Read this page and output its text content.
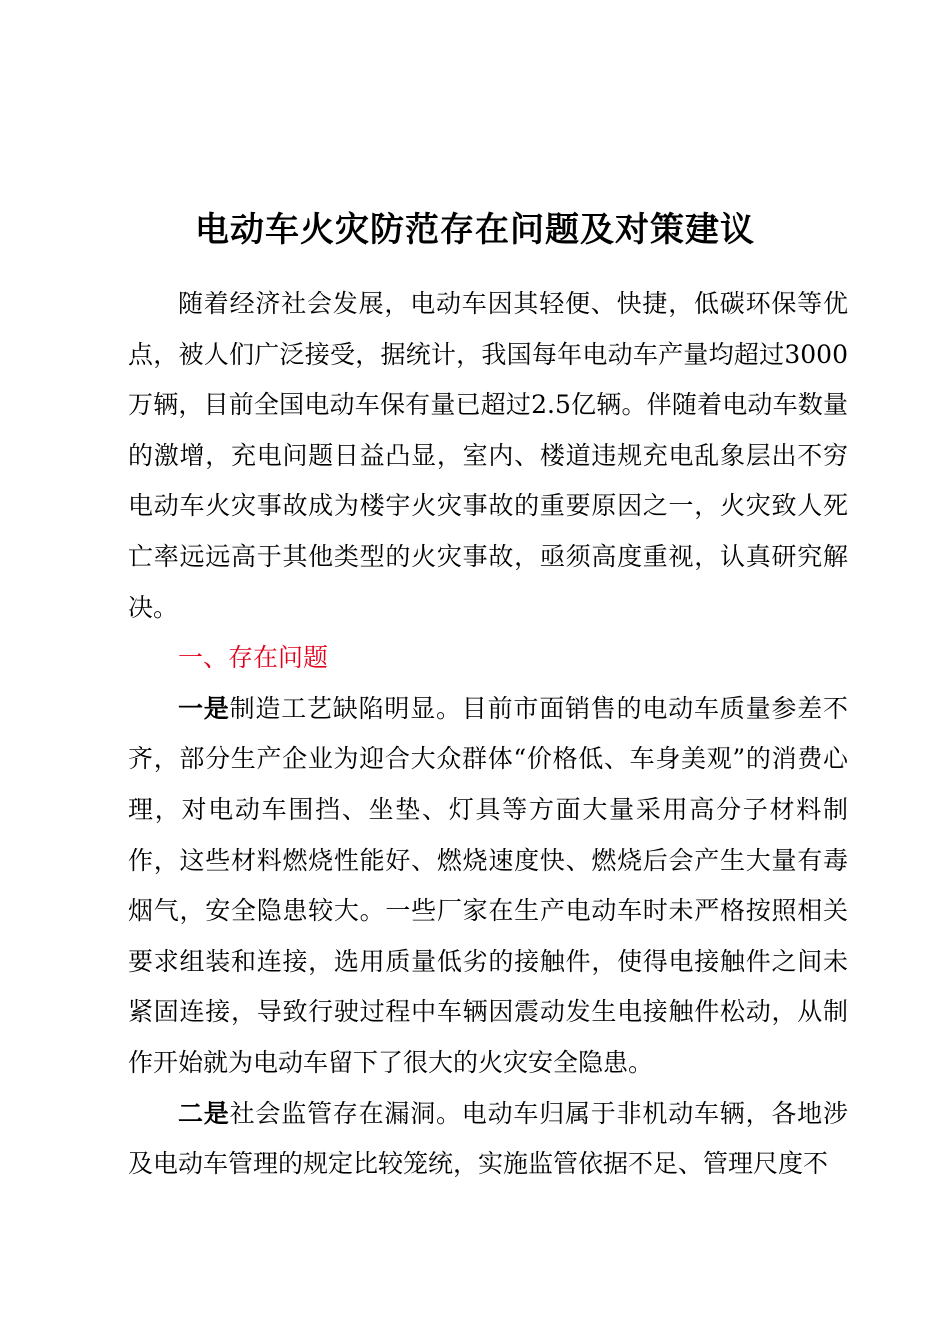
电动车火灾防范存在问题及对策建议

随着经济社会发展，电动车因其轻便、快捷，低碳环保等优点，被人们广泛接受，据统计，我国每年电动车产量均超过3000万辆，目前全国电动车保有量已超过2.5亿辆。伴随着电动车数量的激增，充电问题日益凸显，室内、楼道违规充电乱象层出不穷电动车火灾事故成为楼宇火灾事故的重要原因之一，火灾致人死亡率远远高于其他类型的火灾事故，亟须高度重视，认真研究解决。

一、存在问题

一是制造工艺缺陷明显。目前市面销售的电动车质量参差不齐，部分生产企业为迎合大众群体“价格低、车身美观”的消费心理，对电动车围挡、坐垫、灯具等方面大量采用高分子材料制作，这些材料燃烧性能好、燃烧速度快、燃烧后会产生大量有毒烟气，安全隐患较大。一些厂家在生产电动车时未严格按照相关要求组装和连接，选用质量低劣的接触件，使得电接触件之间未紧固连接，导致行驶过程中车辆因震动发生电接触件松动，从制作开始就为电动车留下了很大的火灾安全隐患。

二是社会监管存在漏洞。电动车归属于非机动车辆，各地涉及电动车管理的规定比较笼统，实施监管依据不足、管理尺度不
